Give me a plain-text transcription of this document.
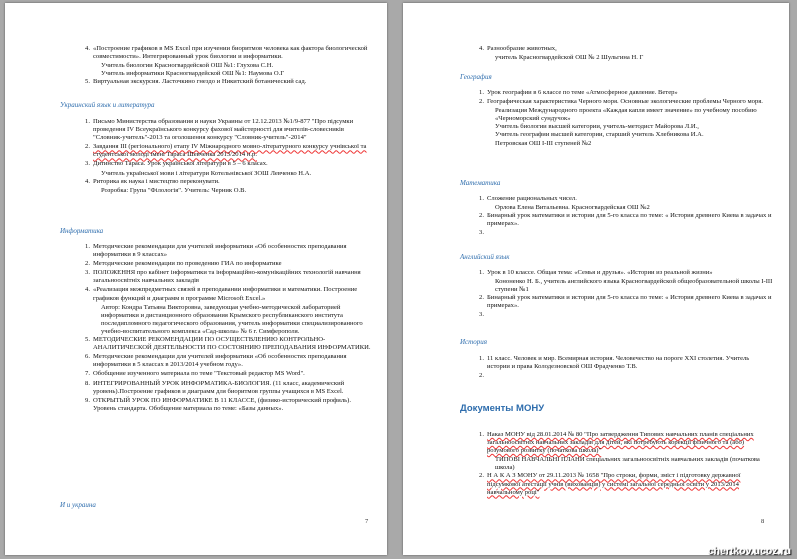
4. «Построение графиков в MS Excel при изучении биоритмов человека как фактора биологической совместимости». Интегрированный урок биологии и информатики.
Учитель биологии Красногвардейской ОШ №1: Глухова С.Н.
Учитель информатики Красногвардейской ОШ №1: Наумова О.Г
5. Виртуальная экскурсия. Ласточкино гнездо и Никитский ботанический сад.
Украинский язык и литература
1. Письмо Министерства образования и науки Украины от 12.12.2013 №1/9-877 "Про підсумки проведення IV Всеукраїнського конкурсу фахової майстерності для вчителів-словесників "Словник-учитель"-2013 та оголошення конкурсу "Словник-учитель"-2014"
2. Завдання ІІІ (регіонального) етапу IV Міжнародного мовно-літературного конкурсу учнівської та студентської молоді імені Тараса Шевченка 2013/2014 н.р.
3. Дитинство Тараса. Урок української літератури в 5 – 6 класах.
Учитель української мови і літератури Котельнівської ЗОШ Левченко Н.А.
4. Риторика як наука і мистецтво переконувати.
Розробка: Група "Філологія". Учитель: Черник О.В.
Информатика
1. Методические рекомендации для учителей информатики «Об особенностях преподавания информатики в 9 классах»
2. Методические рекомендации по проведению ГИА по информатике
3. ПОЛОЖЕННЯ про кабінет інформатики та інформаційно-комунікаційних технологій навчання загальноосвітніх навчальних закладів
4. «Реализация межпредметных связей в преподавании информатики и математики. Построение графиков функций и диаграмм в программе Microsoft Excel.»
Автор: Кондра Татьяна Викторовна, заведующая учебно-методической лабораторией информатики и дистанционного образования Крымского республиканского института последипломного педагогического образования, учитель информатики специализированного учебно-воспитательного комплекса «Сад-школа» № 6 г. Симферополя.
5. МЕТОДИЧЕСКИЕ РЕКОМЕНДАЦИИ ПО ОСУЩЕСТВЛЕНИЮ КОНТРОЛЬНО-АНАЛИТИЧЕСКОЙ ДЕЯТЕЛЬНОСТИ ПО СОСТОЯНИЮ ПРЕПОДАВАНИЯ ИНФОРМАТИКИ.
6. Методические рекомендации для учителей информатики «Об особенностях преподавания информатики в 5 классах в 2013/2014 учебном году».
7. Обобщение изученного материала по теме "Текстовый редактор MS Word".
8. ИНТЕГРИРОВАННЫЙ УРОК ИНФОРМАТИКА-БИОЛОГИЯ. (11 класс, академический уровень).Построение графиков и диаграмм для биоритмов группы учащихся в MS Excel.
9. ОТКРЫТЫЙ УРОК ПО ИНФОРМАТИКЕ В 11 КЛАССЕ, (физико-исторический профиль). Уровень стандарта. Обобщение материала по теме: «Базы данных».
И и украина
7
4. Разнообразие животных,
учитель Красногвардейской ОШ № 2 Шульгина Н. Г
География
1. Урок географии в 6 классе по теме «Атмосферное давление. Ветер»
2. Географическая характеристика Черного моря. Основные экологические проблемы Черного моря.
Реализация Международного проекта «Каждая капля имеет значение» по учебному пособию «Черноморский сундучок»
Учитель биологии высшей категории, учитель-методист Майорова Л.И.,
Учитель географии высшей категории, старший учитель Хлебникова И.А.
Петровская ОШ I-III ступеней №2
Математика
1. Сложение рациональных чисел.
Орлова Елена Витальевна. Красногвардейская ОШ №2
2. Бинарный урок математики и истории для 5-го класса по теме: « История древнего Киева в задачах и примерах».
3.
Английский язык
1. Урок в 10 классе. Общая тема: «Семья и друзья». «Истории из реальной жизни»
Кононенко Н. Б., учитель английского языка Красногвардейской общеобразовательной школы I-III ступени №1
2. Бинарный урок математики и истории для 5-го класса по теме: « История древнего Киева в задачах и примерах».
3.
История
1. 11 класс. Человек и мир. Всемирная история. Человечество на пороге XXI столетия. Учитель истории и права Колодезновской ОШ Фрадченко Т.В.
2.
Документы МОНУ
1. Наказ МОНУ від 28.01.2014 № 80 "Про затвердження Типових навчальних планів спеціальних загальноосвітніх навчальних закладів для дітей, які потребують корекції фізичного та (або) розумового розвитку (початкова школа)"
ТИПОВІ НАВЧАЛЬНІ ПЛАНИ спеціальних загальноосвітніх навчальних закладів (початкова школа)
2. Н А К А З МОНУ от 29.11.2013 № 1658 "Про строки, форми, зміст і підготовку державної підсумкової атестації учнів (вихованців) у системі загальної середньої освіти у 2013/2014 навчальному році"
8
chertkov.ucoz.ru
